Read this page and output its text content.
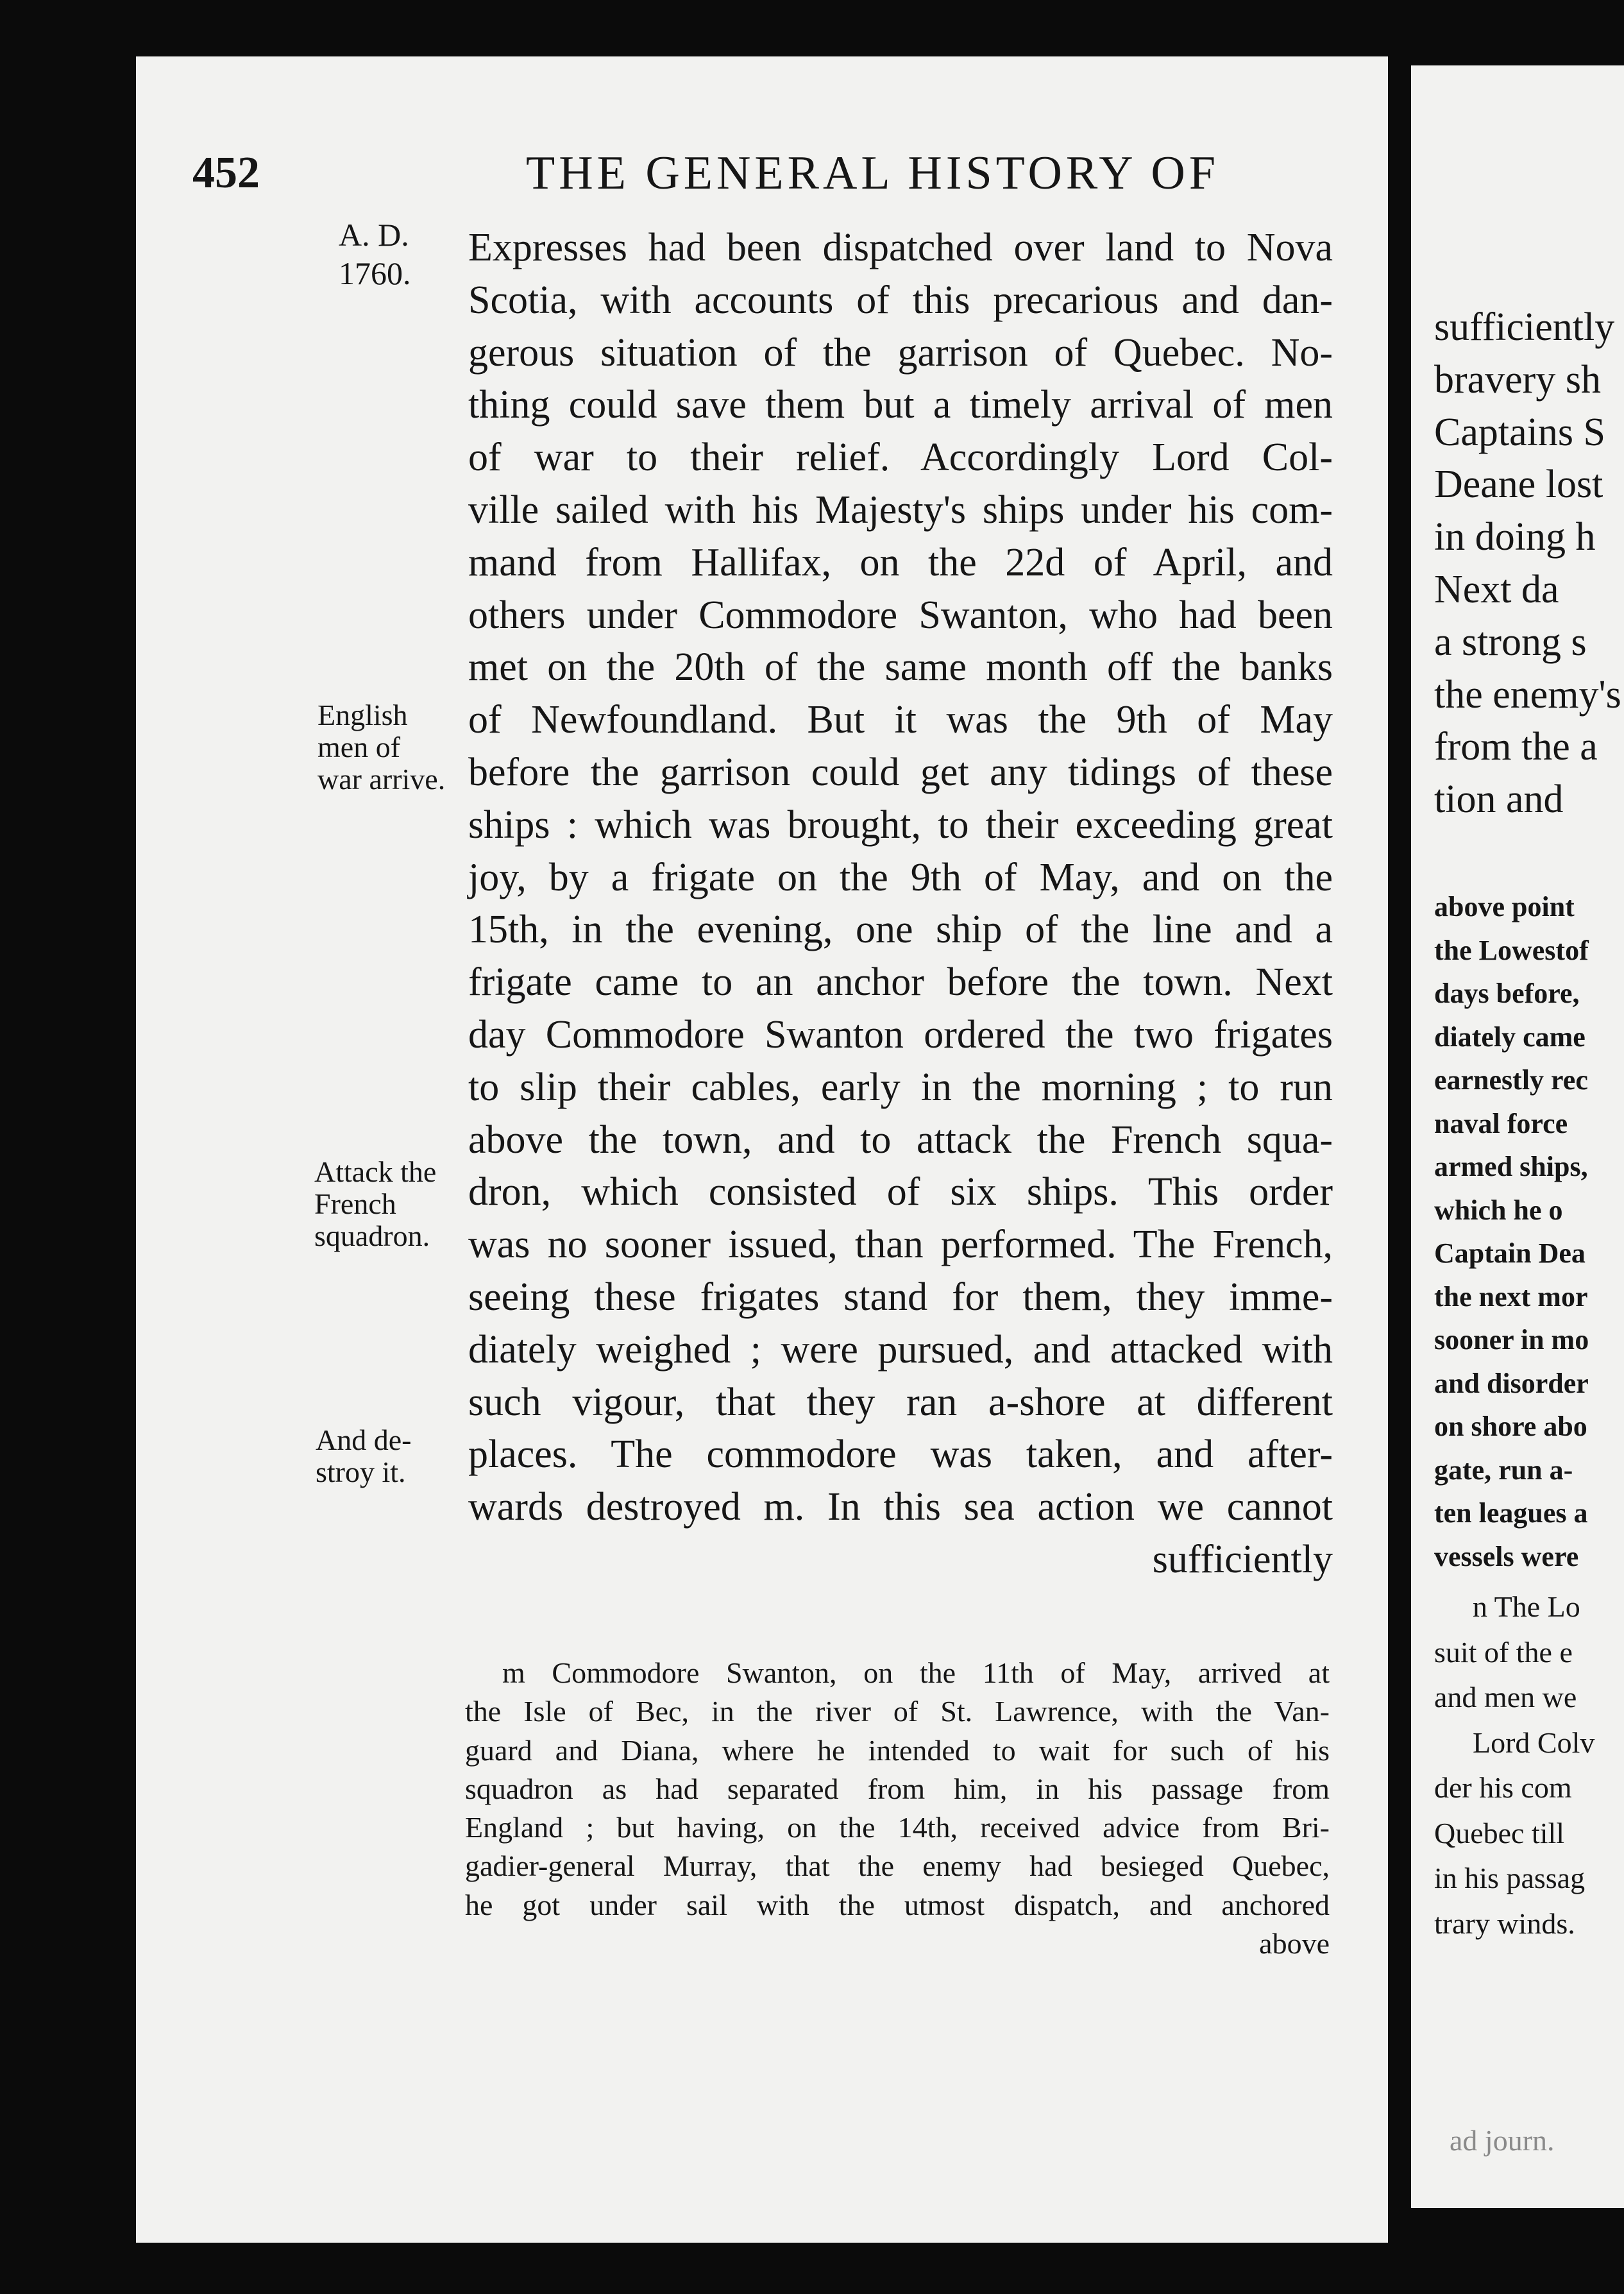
452	THE GENERAL HISTORY OF
A. D.
1760.
English
men of
war arrive.
Attack the
French
squadron.
And de-
stroy it.
Expresses had been dispatched over land to Nova
Scotia, with accounts of this precarious and dan-
gerous situation of the garrison of Quebec. No-
thing could save them but a timely arrival of men
of war to their relief. Accordingly Lord Col-
ville sailed with his Majesty's ships under his com-
mand from Hallifax, on the 22d of April, and
others under Commodore Swanton, who had been
met on the 20th of the same month off the banks
of Newfoundland. But it was the 9th of May
before the garrison could get any tidings of these
ships : which was brought, to their exceeding great
joy, by a frigate on the 9th of May, and on the
15th, in the evening, one ship of the line and a
frigate came to an anchor before the town. Next
day Commodore Swanton ordered the two frigates
to slip their cables, early in the morning ; to run
above the town, and to attack the French squa-
dron, which consisted of six ships. This order
was no sooner issued, than performed. The French,
seeing these frigates stand for them, they imme-
diately weighed ; were pursued, and attacked with
such vigour, that they ran a-shore at different
places. The commodore was taken, and after-
wards destroyed m. In this sea action we cannot
sufficiently
m Commodore Swanton, on the 11th of May, arrived at
the Isle of Bec, in the river of St. Lawrence, with the Van-
guard and Diana, where he intended to wait for such of his
squadron as had separated from him, in his passage from
England ; but having, on the 14th, received advice from Bri-
gadier-general Murray, that the enemy had besieged Quebec,
he got under sail with the utmost dispatch, and anchored
above
sufficiently
bravery sh
Captains S
Deane lost
in doing h
Next da
a strong s
the enemy's
from the a
tion and
above point
the Lowestof
days before,
diately came
earnestly rec
naval force
armed ships,
which he o
Captain Dea
the next mor
sooner in mo
and disorder
on shore abo
gate, run a-
ten leagues a
vessels were
n The Lo
suit of the e
and men we
Lord Colv
der his com
Quebec till
in his passag
trary winds.
ad journ.
